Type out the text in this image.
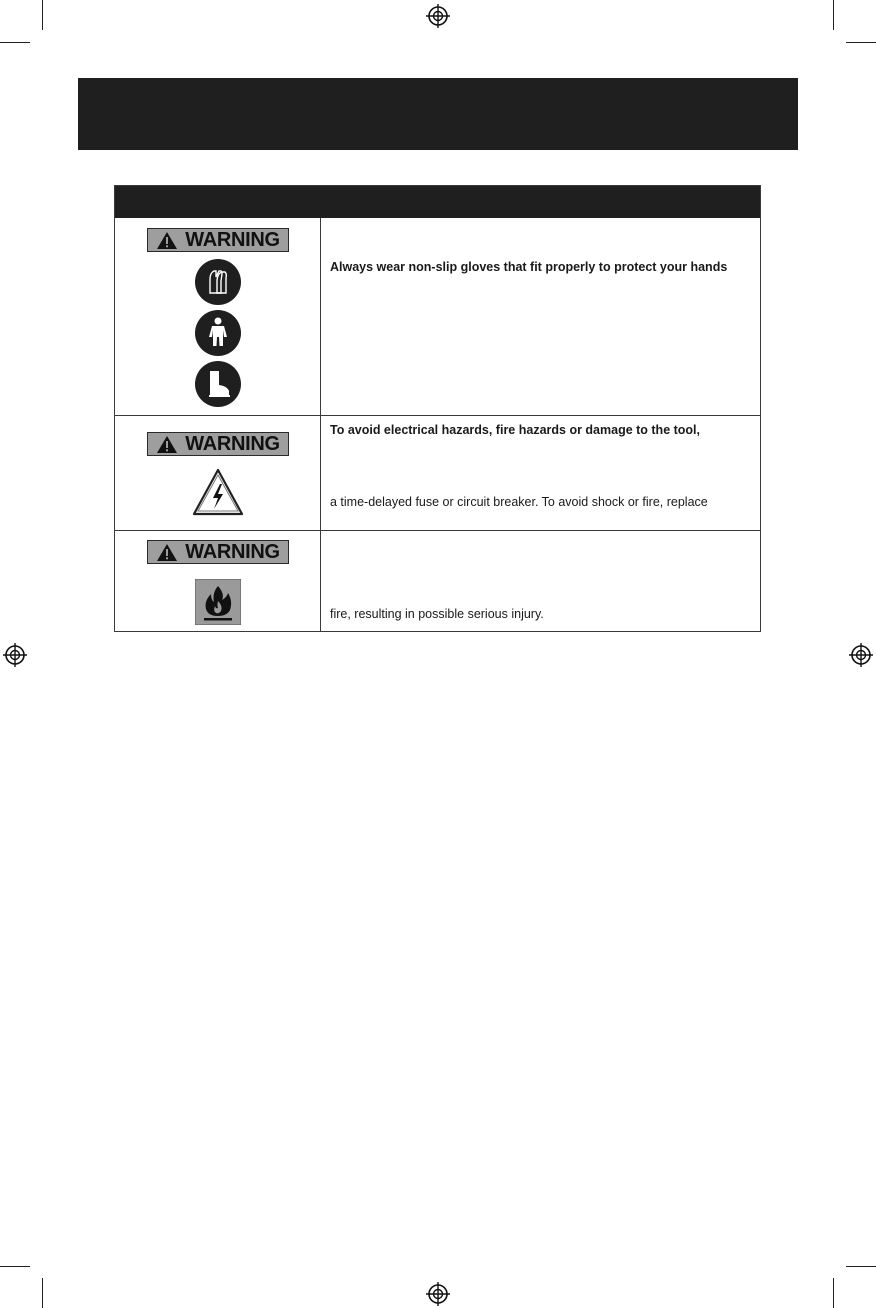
WARNING
Always wear non-slip gloves that fit properly to protect your hands
WARNING
To avoid electrical hazards, fire hazards or damage to the tool,
a time-delayed fuse or circuit breaker. To avoid shock or fire, replace
WARNING
fire, resulting in possible serious injury.
